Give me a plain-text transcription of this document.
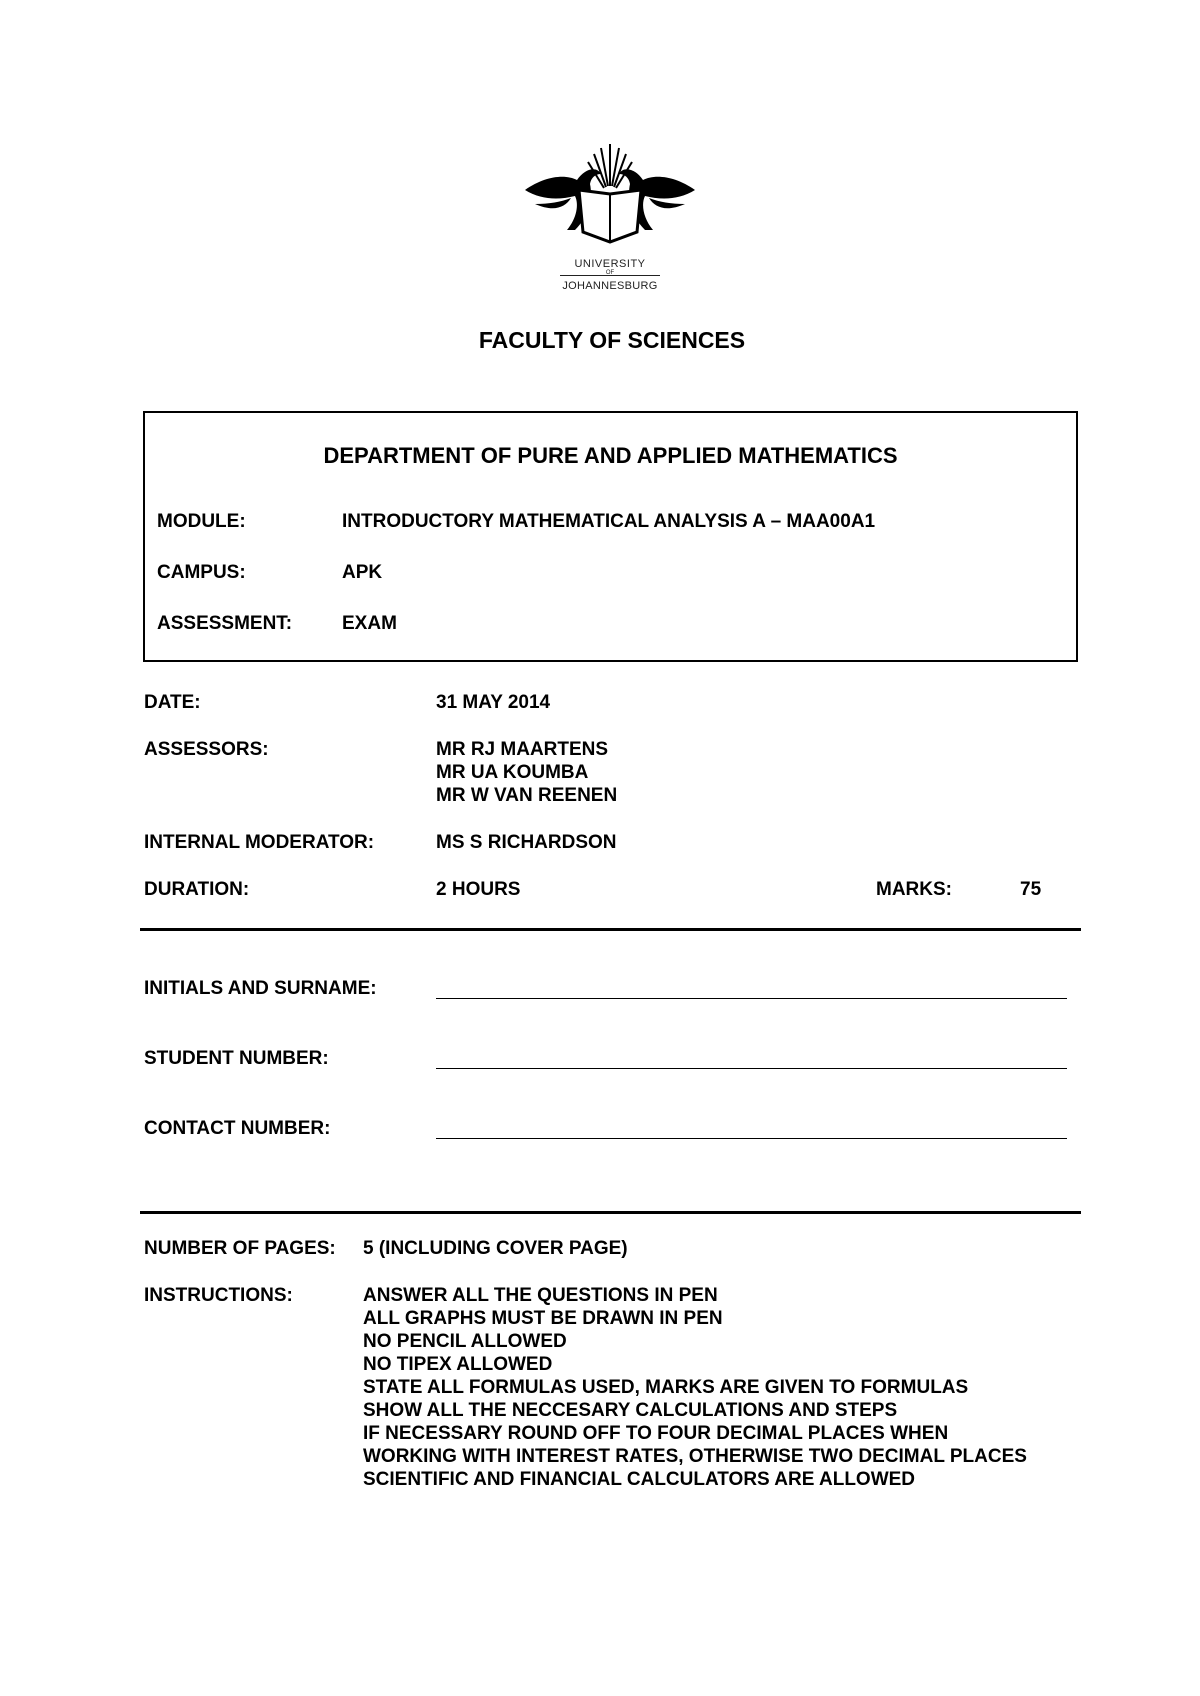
UNIVERSITY
OF
JOHANNESBURG
FACULTY OF SCIENCES
DEPARTMENT OF PURE AND APPLIED MATHEMATICS
MODULE:	INTRODUCTORY MATHEMATICAL ANALYSIS A – MAA00A1
CAMPUS:	APK
ASSESSMENT:	EXAM
DATE:	31 MAY 2014
ASSESSORS:	MR RJ MAARTENS
MR UA KOUMBA
MR W VAN REENEN
INTERNAL MODERATOR:	MS S RICHARDSON
DURATION:	2 HOURS	MARKS:	75
INITIALS AND SURNAME:
STUDENT NUMBER:
CONTACT NUMBER:
NUMBER OF PAGES: 5 (INCLUDING COVER PAGE)
INSTRUCTIONS:	ANSWER ALL THE QUESTIONS IN PEN
ALL GRAPHS MUST BE DRAWN IN PEN
NO PENCIL ALLOWED
NO TIPEX ALLOWED
STATE ALL FORMULAS USED, MARKS ARE GIVEN TO FORMULAS
SHOW ALL THE NECCESARY CALCULATIONS AND STEPS
IF NECESSARY ROUND OFF TO FOUR DECIMAL PLACES WHEN
WORKING WITH INTEREST RATES, OTHERWISE TWO DECIMAL PLACES
SCIENTIFIC AND FINANCIAL CALCULATORS ARE ALLOWED
